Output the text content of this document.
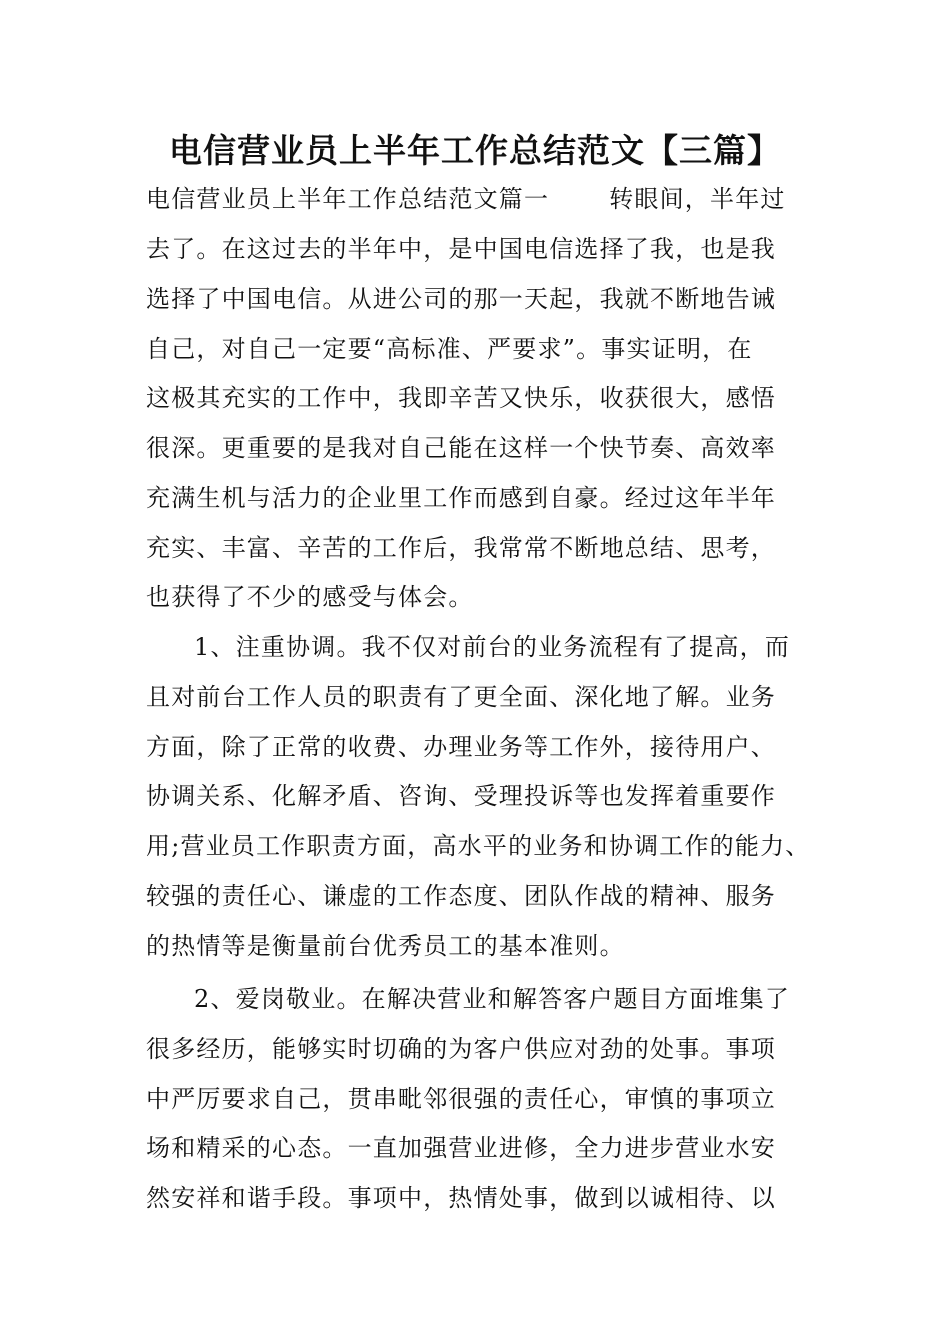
电信营业员上半年工作总结范文【三篇】

电信营业员上半年工作总结范文篇一	转眼间，半年过

去了。在这过去的半年中，是中国电信选择了我，也是我

选择了中国电信。从进公司的那一天起，我就不断地告诫

自己，对自己一定要“高标准、严要求”。事实证明，在

这极其充实的工作中，我即辛苦又快乐，收获很大，感悟

很深。更重要的是我对自己能在这样一个快节奏、高效率

充满生机与活力的企业里工作而感到自豪。经过这年半年

充实、丰富、辛苦的工作后，我常常不断地总结、思考，

也获得了不少的感受与体会。

1、注重协调。我不仅对前台的业务流程有了提高，而

且对前台工作人员的职责有了更全面、深化地了解。业务

方面，除了正常的收费、办理业务等工作外，接待用户、

协调关系、化解矛盾、咨询、受理投诉等也发挥着重要作

用;营业员工作职责方面，高水平的业务和协调工作的能力、

较强的责任心、谦虚的工作态度、团队作战的精神、服务

的热情等是衡量前台优秀员工的基本准则。

2、爱岗敬业。在解决营业和解答客户题目方面堆集了

很多经历，能够实时切确的为客户供应对劲的处事。事项

中严厉要求自己，贯串毗邻很强的责任心，审慎的事项立

场和精采的心态。一直加强营业进修，全力进步营业水安

然安祥和谐手段。事项中，热情处事，做到以诚相待、以
